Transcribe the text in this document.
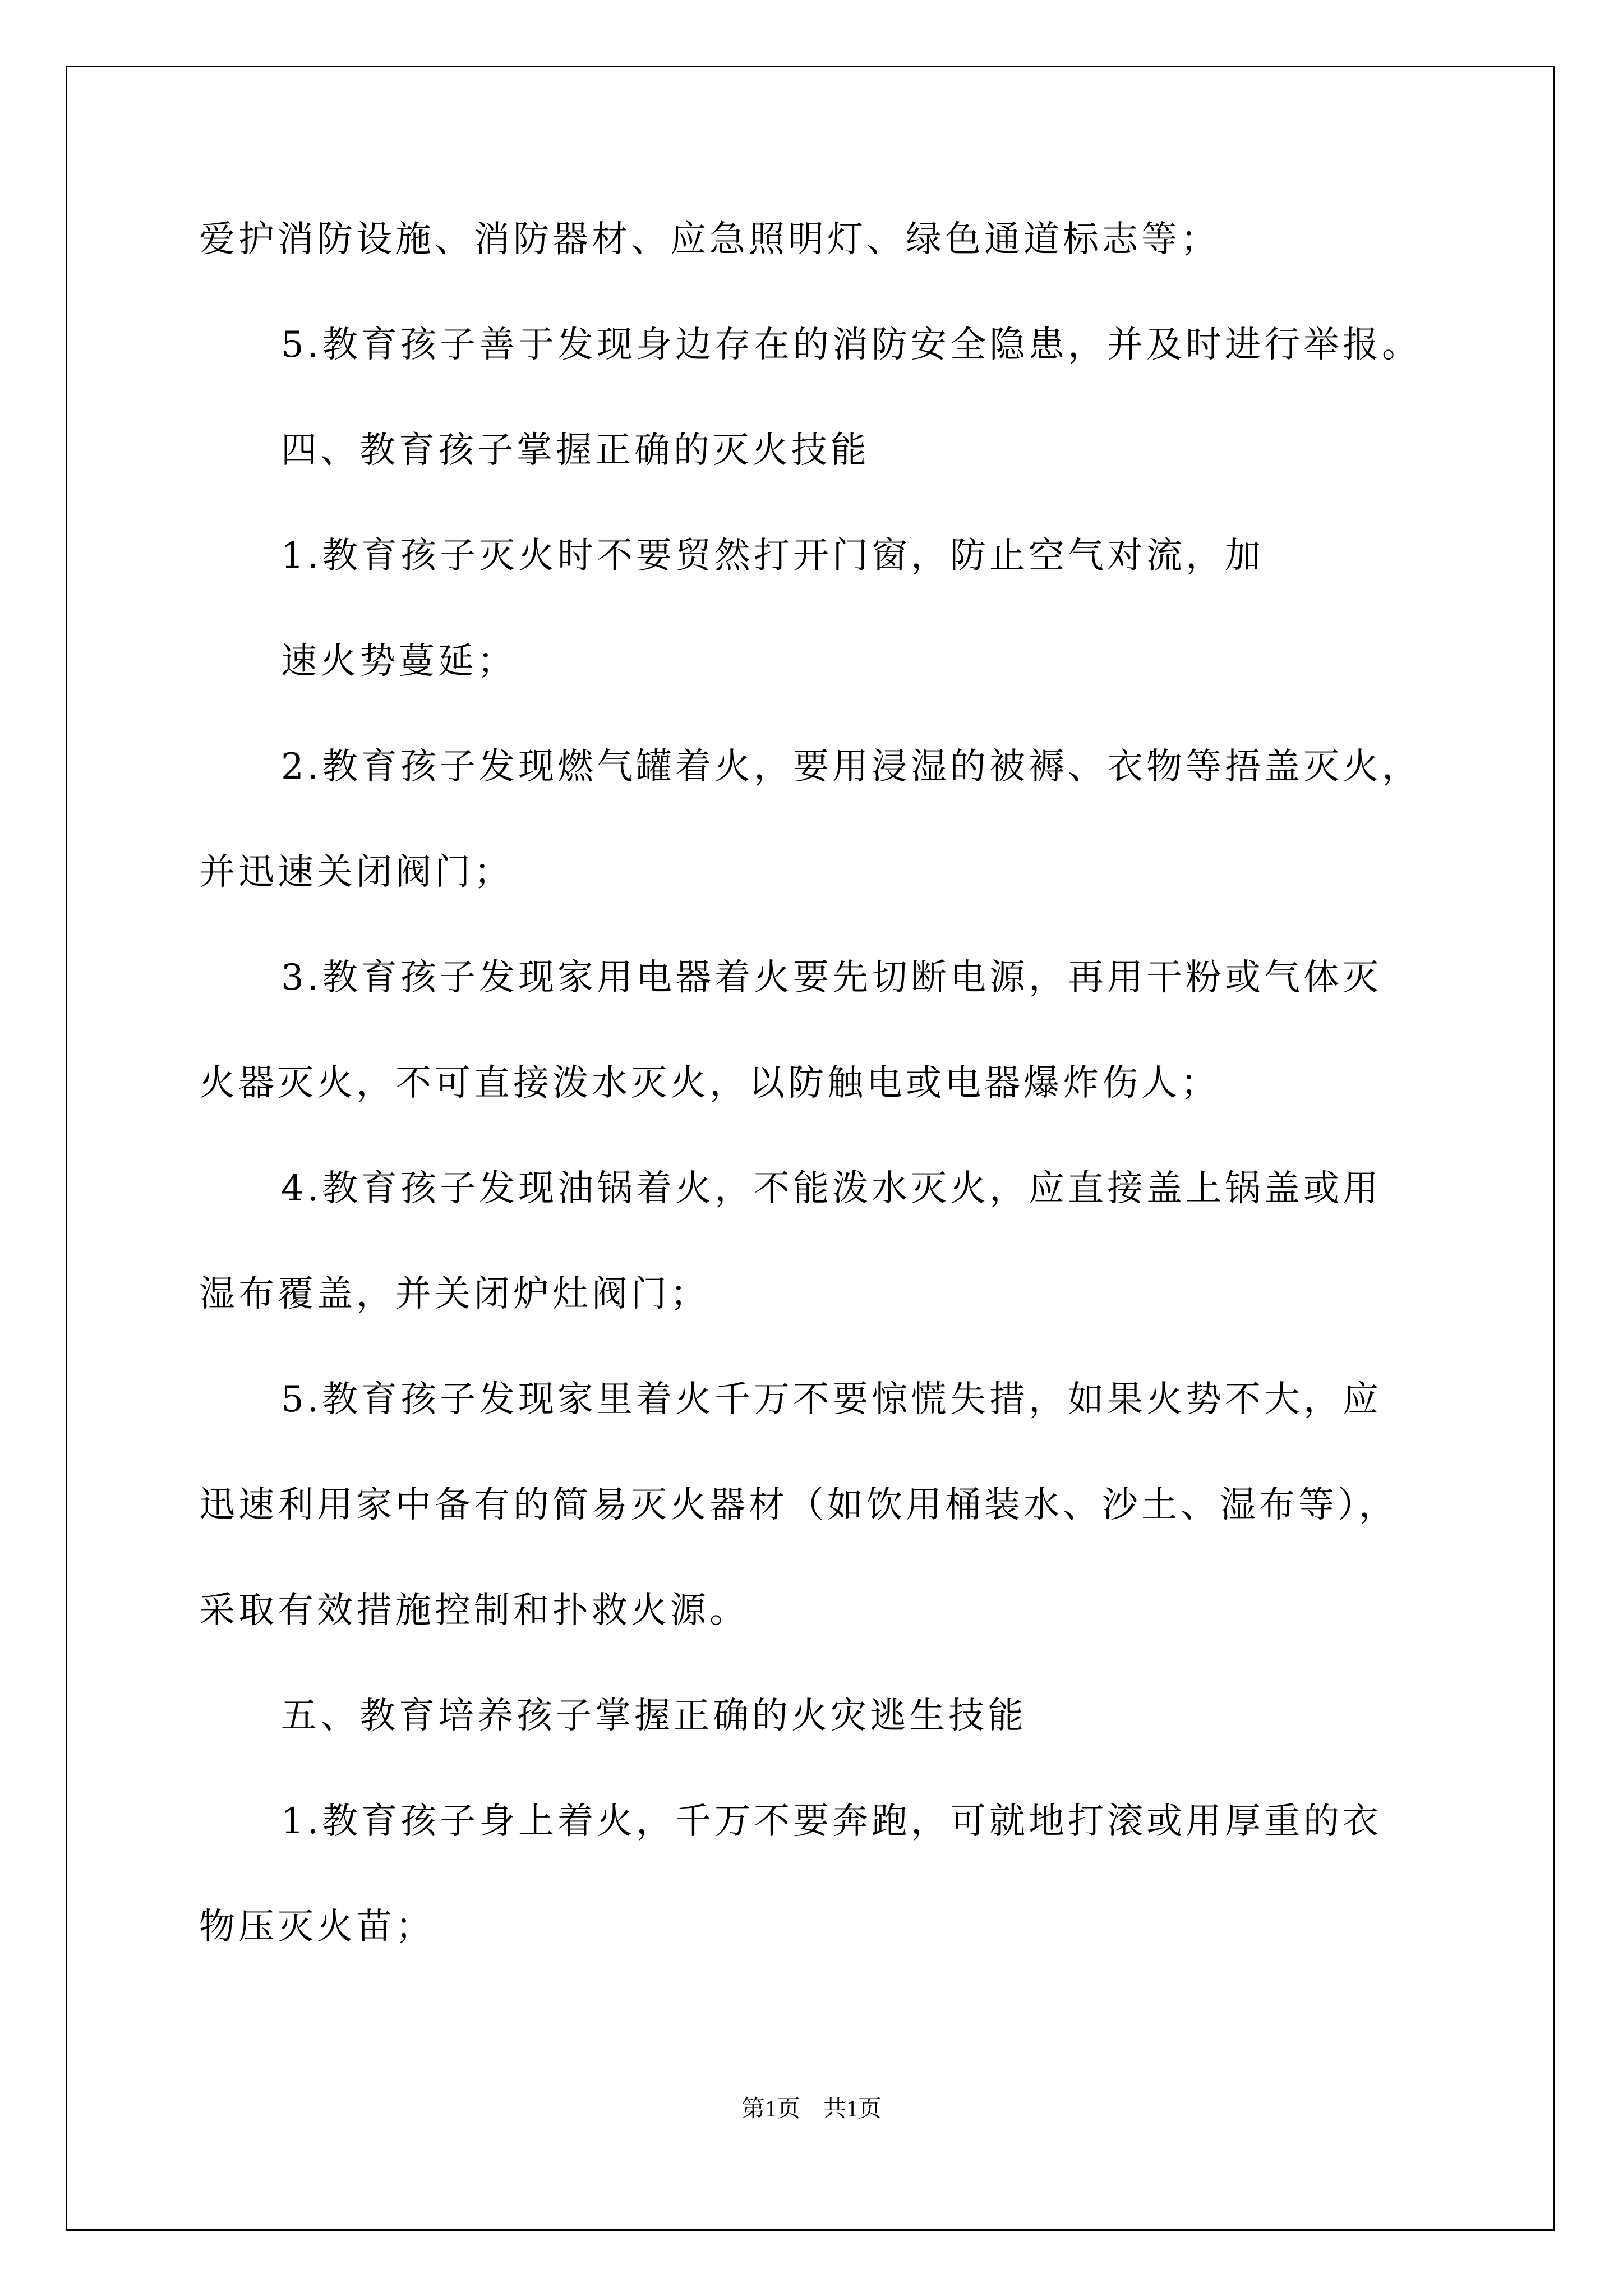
爱护消防设施、消防器材、应急照明灯、绿色通道标志等；
5.教育孩子善于发现身边存在的消防安全隐患，并及时进行举报。
四、教育孩子掌握正确的灭火技能
1.教育孩子灭火时不要贸然打开门窗，防止空气对流，加
速火势蔓延；
2.教育孩子发现燃气罐着火，要用浸湿的被褥、衣物等捂盖灭火，
并迅速关闭阀门；
3.教育孩子发现家用电器着火要先切断电源，再用干粉或气体灭
火器灭火，不可直接泼水灭火，以防触电或电器爆炸伤人；
4.教育孩子发现油锅着火，不能泼水灭火，应直接盖上锅盖或用
湿布覆盖，并关闭炉灶阀门；
5.教育孩子发现家里着火千万不要惊慌失措，如果火势不大，应
迅速利用家中备有的简易灭火器材（如饮用桶装水、沙土、湿布等），
采取有效措施控制和扑救火源。
五、教育培养孩子掌握正确的火灾逃生技能
1.教育孩子身上着火，千万不要奔跑，可就地打滚或用厚重的衣
物压灭火苗；
第1页 共1页
